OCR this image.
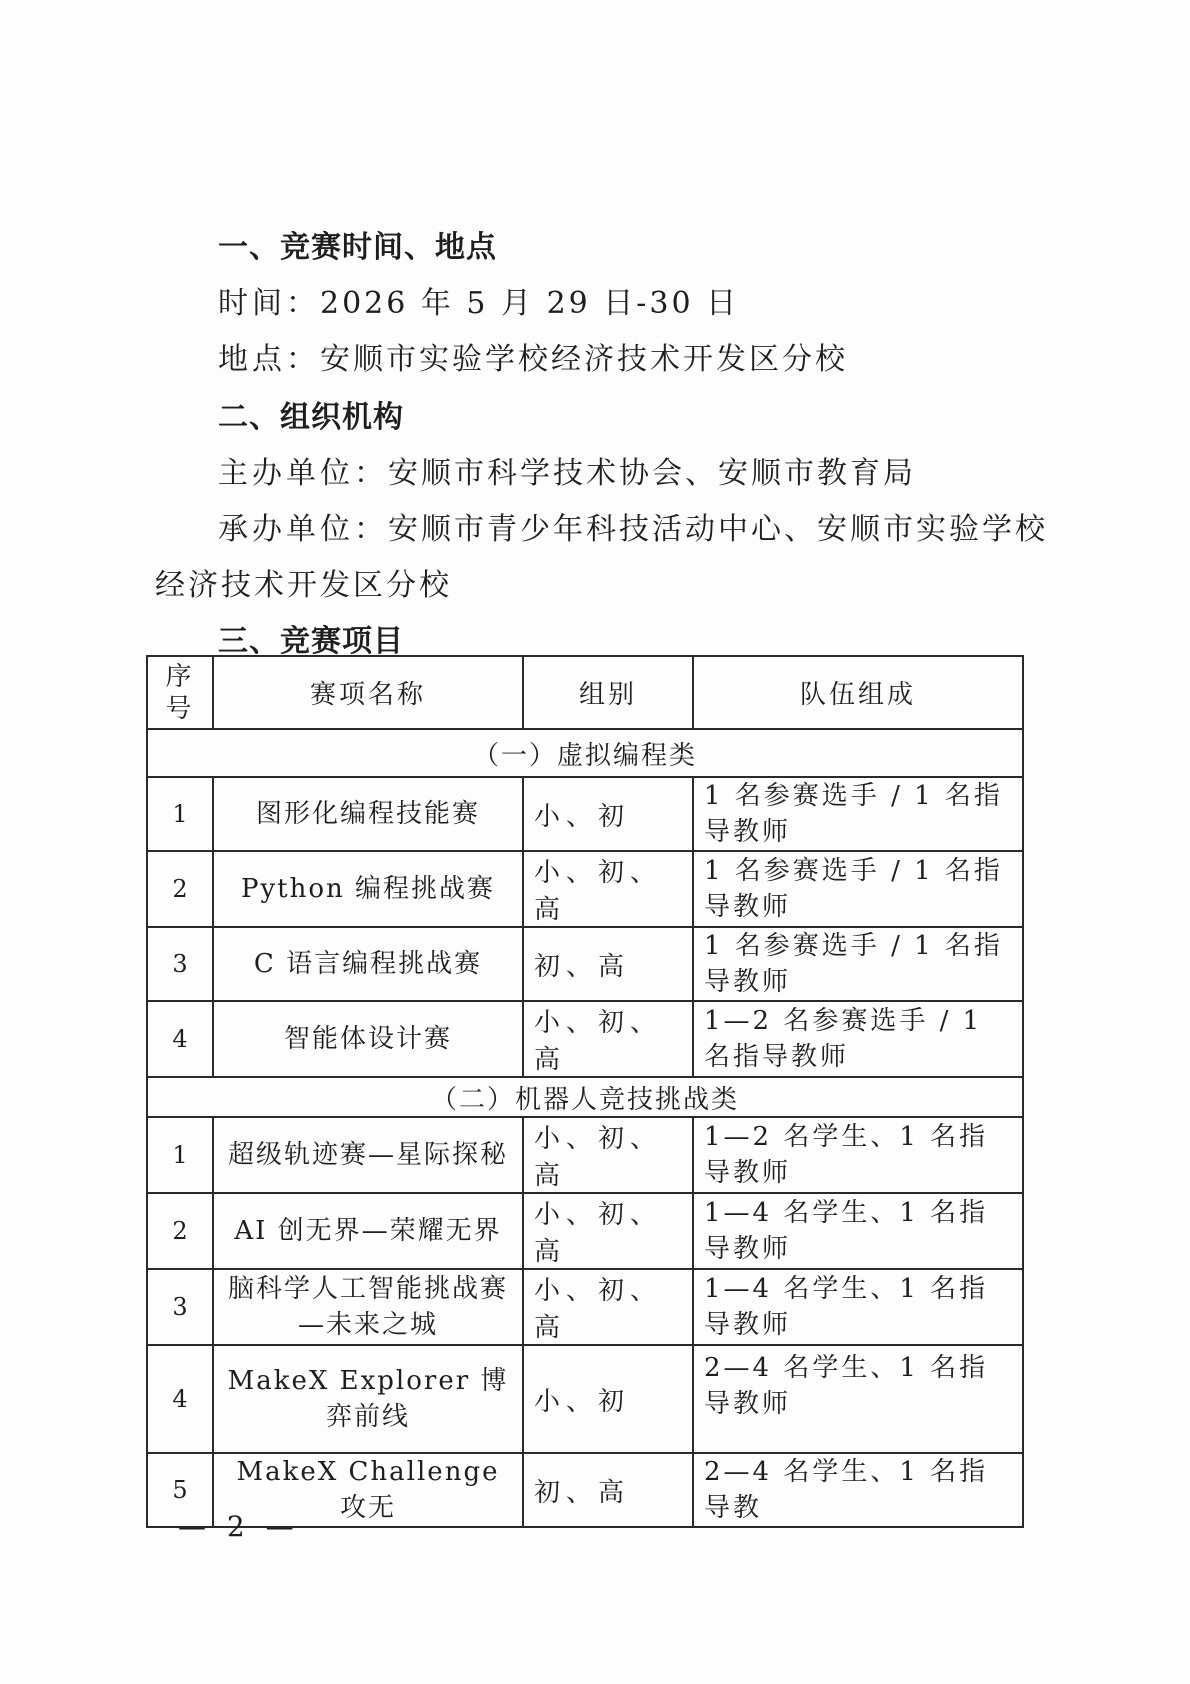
一、竞赛时间、地点
时间：2026 年 5 月 29 日-30 日
地点：安顺市实验学校经济技术开发区分校
二、组织机构
主办单位：安顺市科学技术协会、安顺市教育局
承办单位：安顺市青少年科技活动中心、安顺市实验学校
经济技术开发区分校
三、竞赛项目
序
号	赛项名称	组别	队伍组成
（一）虚拟编程类			
1	图形化编程技能赛	小、初	1 名参赛选手 / 1 名指导教师
2	Python 编程挑战赛	小、初、高	1 名参赛选手 / 1 名指导教师
3	C 语言编程挑战赛	初、高	1 名参赛选手 / 1 名指导教师
4	智能体设计赛	小、初、高	1—2 名参赛选手 / 1 名指导教师
（二）机器人竞技挑战类			
1	超级轨迹赛—星际探秘	小、初、高	1—2 名学生、1 名指导教师
2	AI 创无界—荣耀无界	小、初、高	1—4 名学生、1 名指导教师
3	脑科学人工智能挑战赛—未来之城	小、初、高	1—4 名学生、1 名指导教师
4	MakeX Explorer 博弈前线	小、初	2—4 名学生、1 名指导教师
5	MakeX Challenge 攻无	初、高	2—4 名学生、1 名指导教
— 2 —
